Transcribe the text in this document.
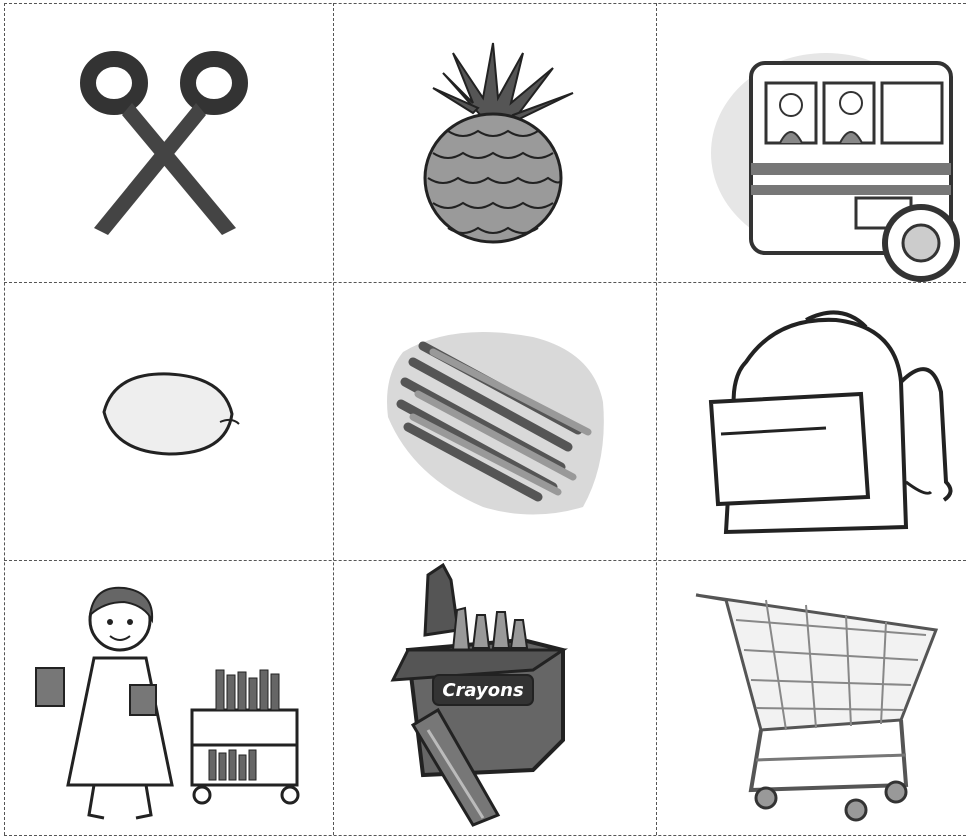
Crayons
